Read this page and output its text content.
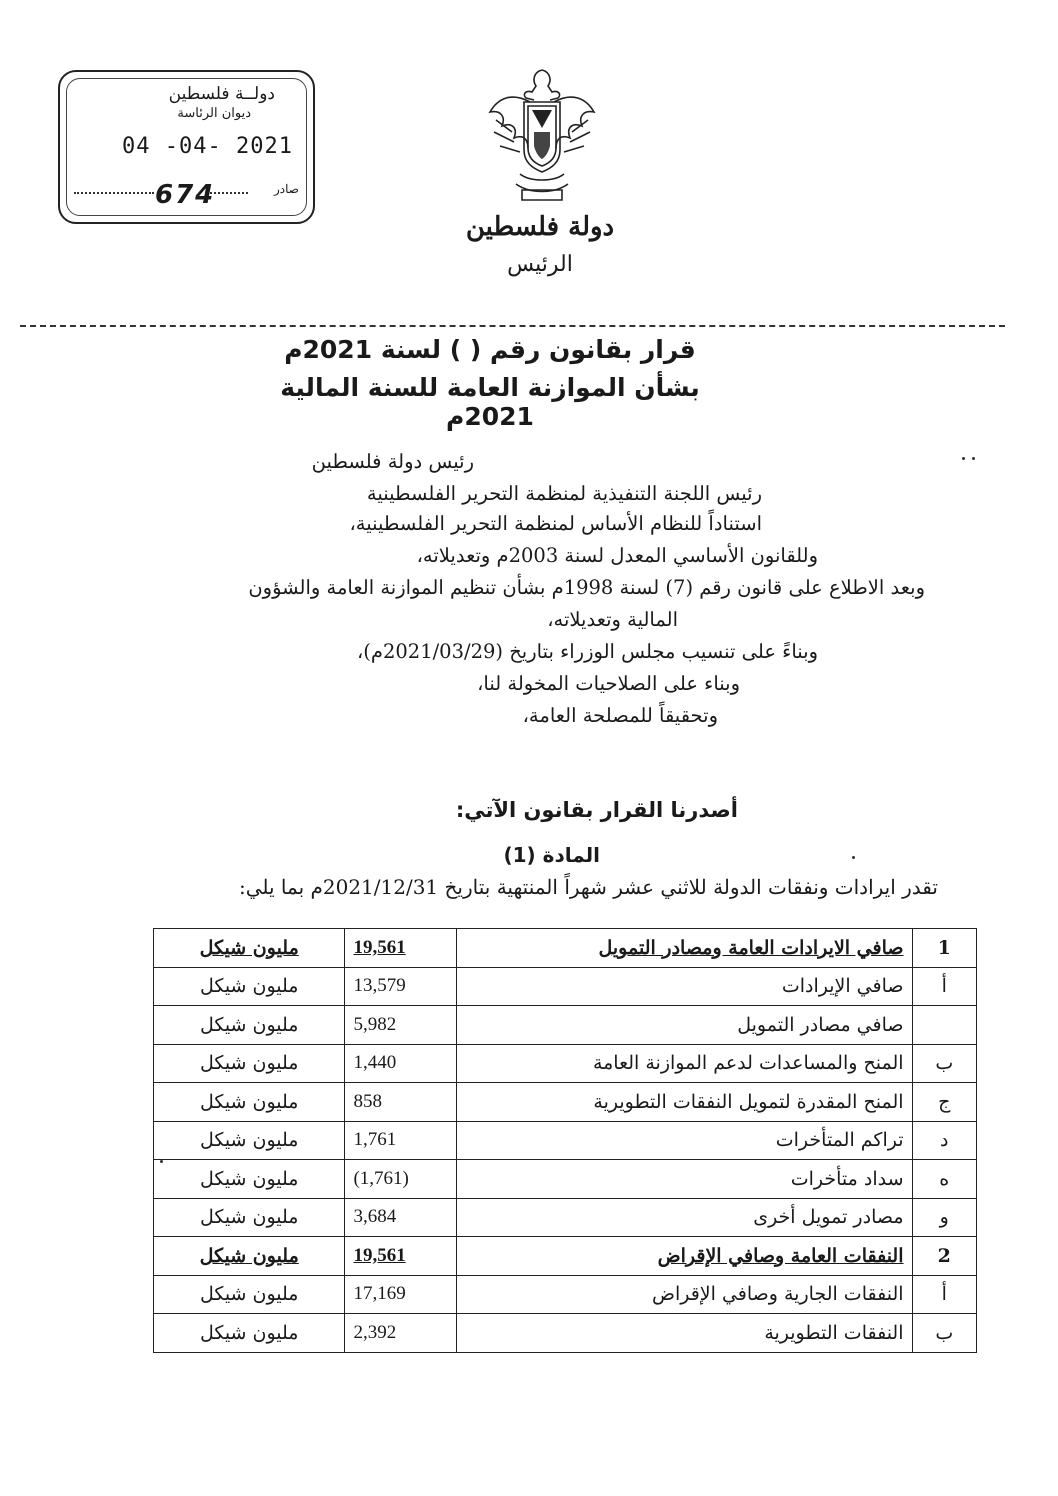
دولــة فلسطين
ديوان الرئاسة
04 -04- 2021
674	صادر
دولة فلسطين
الرئيس
قرار بقانون رقم ( ) لسنة 2021م
بشأن الموازنة العامة للسنة المالية 2021م
رئيس دولة فلسطين
رئيس اللجنة التنفيذية لمنظمة التحرير الفلسطينية
استناداً للنظام الأساس لمنظمة التحرير الفلسطينية،
وللقانون الأساسي المعدل لسنة 2003م وتعديلاته،
وبعد الاطلاع على قانون رقم (7) لسنة 1998م بشأن تنظيم الموازنة العامة والشؤون
المالية وتعديلاته،
وبناءً على تنسيب مجلس الوزراء بتاريخ (2021/03/29م)،
وبناء على الصلاحيات المخولة لنا،
وتحقيقاً للمصلحة العامة،
أصدرنا القرار بقانون الآتي:
المادة (1)
تقدر ايرادات ونفقات الدولة للاثني عشر شهراً المنتهية بتاريخ 2021/12/31م بما يلي:
1	صافي الايرادات العامة ومصادر التمويل	19,561	مليون شيكل
أ	صافي الإيرادات	13,579	مليون شيكل
	صافي مصادر التمويل	5,982	مليون شيكل
ب	المنح والمساعدات لدعم الموازنة العامة	1,440	مليون شيكل
ج	المنح المقدرة لتمويل النفقات التطويرية	858	مليون شيكل
د	تراكم المتأخرات	1,761	مليون شيكل
ه	سداد متأخرات	(1,761)	مليون شيكل
و	مصادر تمويل أخرى	3,684	مليون شيكل
2	النفقات العامة وصافي الإقراض	19,561	مليون شيكل
أ	النفقات الجارية وصافي الإقراض	17,169	مليون شيكل
ب	النفقات التطويرية	2,392	مليون شيكل
